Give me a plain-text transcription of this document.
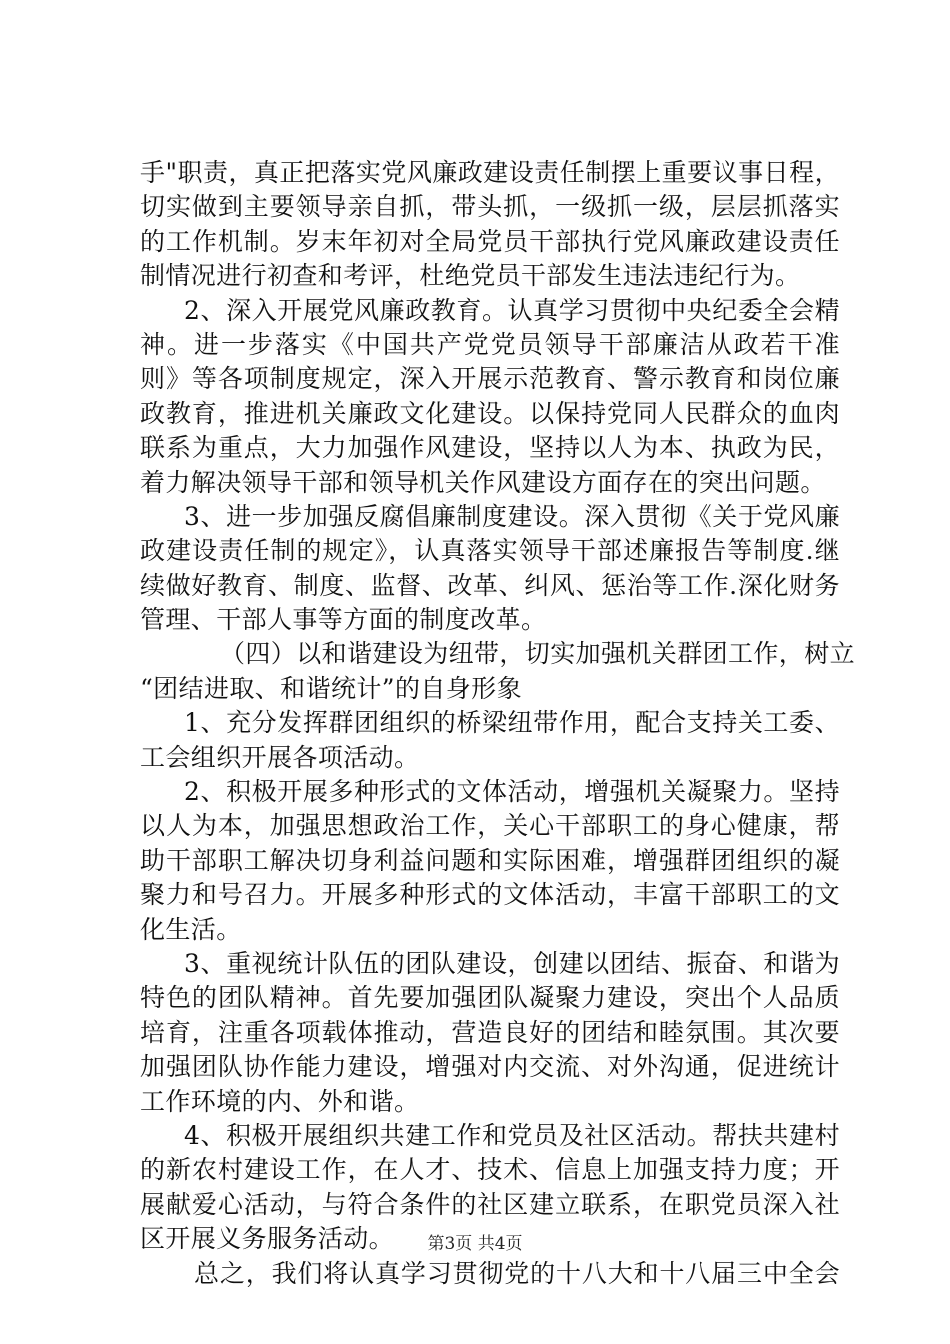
手"职责，真正把落实党风廉政建设责任制摆上重要议事日程，
切实做到主要领导亲自抓，带头抓，一级抓一级，层层抓落实
的工作机制。岁末年初对全局党员干部执行党风廉政建设责任
制情况进行初查和考评，杜绝党员干部发生违法违纪行为。
2、深入开展党风廉政教育。认真学习贯彻中央纪委全会精
神。进一步落实《中国共产党党员领导干部廉洁从政若干准
则》等各项制度规定，深入开展示范教育、警示教育和岗位廉
政教育，推进机关廉政文化建设。以保持党同人民群众的血肉
联系为重点，大力加强作风建设，坚持以人为本、执政为民，
着力解决领导干部和领导机关作风建设方面存在的突出问题。
3、进一步加强反腐倡廉制度建设。深入贯彻《关于党风廉
政建设责任制的规定》，认真落实领导干部述廉报告等制度.继
续做好教育、制度、监督、改革、纠风、惩治等工作.深化财务
管理、干部人事等方面的制度改革。
（四）以和谐建设为纽带，切实加强机关群团工作，树立
“团结进取、和谐统计”的自身形象
1、充分发挥群团组织的桥梁纽带作用，配合支持关工委、
工会组织开展各项活动。
2、积极开展多种形式的文体活动，增强机关凝聚力。坚持
以人为本，加强思想政治工作，关心干部职工的身心健康，帮
助干部职工解决切身利益问题和实际困难，增强群团组织的凝
聚力和号召力。开展多种形式的文体活动，丰富干部职工的文
化生活。
3、重视统计队伍的团队建设，创建以团结、振奋、和谐为
特色的团队精神。首先要加强团队凝聚力建设，突出个人品质
培育，注重各项载体推动，营造良好的团结和睦氛围。其次要
加强团队协作能力建设，增强对内交流、对外沟通，促进统计
工作环境的内、外和谐。
4、积极开展组织共建工作和党员及社区活动。帮扶共建村
的新农村建设工作，在人才、技术、信息上加强支持力度；开
展献爱心活动，与符合条件的社区建立联系，在职党员深入社
区开展义务服务活动。
总之，我们将认真学习贯彻党的十八大和十八届三中全会
第3页 共4页
